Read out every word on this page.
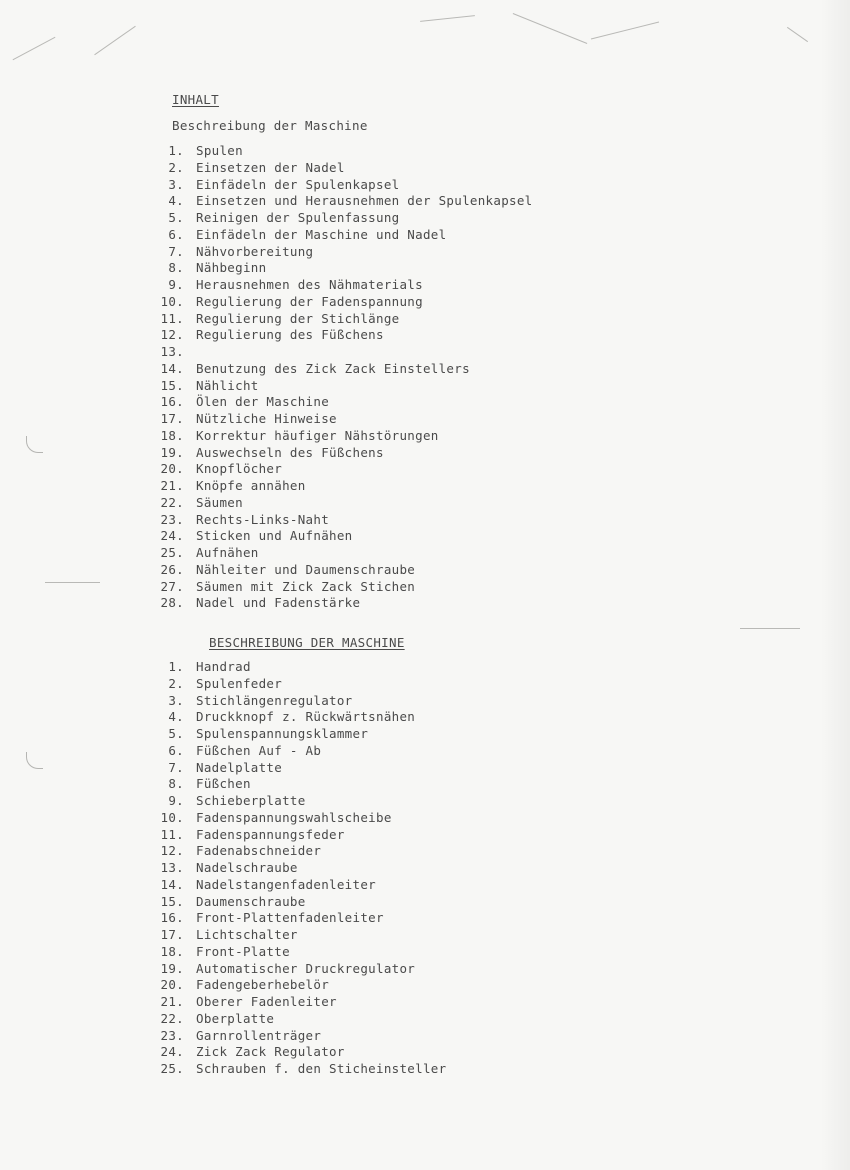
INHALT
Beschreibung der Maschine
1. Spulen
2. Einsetzen der Nadel
3. Einfädeln der Spulenkapsel
4. Einsetzen und Herausnehmen der Spulenkapsel
5. Reinigen der Spulenfassung
6. Einfädeln der Maschine und Nadel
7. Nähvorbereitung
8. Nähbeginn
9. Herausnehmen des Nähmaterials
10. Regulierung der Fadenspannung
11. Regulierung der Stichlänge
12. Regulierung des Füßchens
13.
14. Benutzung des Zick Zack Einstellers
15. Nählicht
16. Ölen der Maschine
17. Nützliche Hinweise
18. Korrektur häufiger Nähstörungen
19. Auswechseln des Füßchens
20. Knopflöcher
21. Knöpfe annähen
22. Säumen
23. Rechts-Links-Naht
24. Sticken und Aufnähen
25. Aufnähen
26. Nähleiter und Daumenschraube
27. Säumen mit Zick Zack Stichen
28. Nadel und Fadenstärke
BESCHREIBUNG DER MASCHINE
1. Handrad
2. Spulenfeder
3. Stichlängenregulator
4. Druckknopf z. Rückwärtsnähen
5. Spulenspannungsklammer
6. Füßchen Auf - Ab
7. Nadelplatte
8. Füßchen
9. Schieberplatte
10. Fadenspannungswahlscheibe
11. Fadenspannungsfeder
12. Fadenabschneider
13. Nadelschraube
14. Nadelstangenfadenleiter
15. Daumenschraube
16. Front-Plattenfadenleiter
17. Lichtschalter
18. Front-Platte
19. Automatischer Druckregulator
20. Fadengeberhebelör
21. Oberer Fadenleiter
22. Oberplatte
23. Garnrollenträger
24. Zick Zack Regulator
25. Schrauben f. den Sticheinsteller
